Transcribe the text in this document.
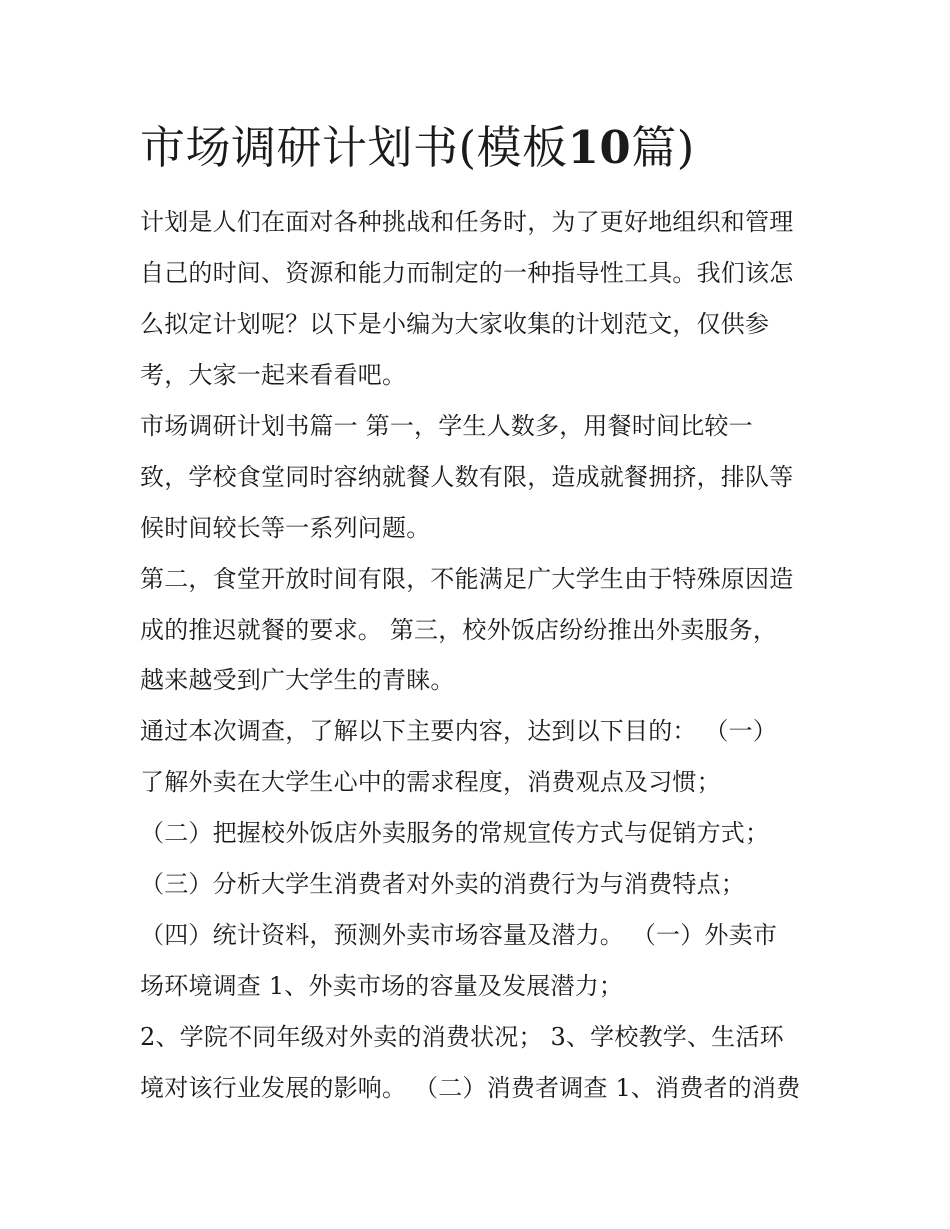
市场调研计划书(模板10篇)

计划是人们在面对各种挑战和任务时，为了更好地组织和管理

自己的时间、资源和能力而制定的一种指导性工具。我们该怎

么拟定计划呢？以下是小编为大家收集的计划范文，仅供参

考，大家一起来看看吧。

市场调研计划书篇一 第一，学生人数多，用餐时间比较一

致，学校食堂同时容纳就餐人数有限，造成就餐拥挤，排队等

候时间较长等一系列问题。

第二，食堂开放时间有限，不能满足广大学生由于特殊原因造

成的推迟就餐的要求。 第三，校外饭店纷纷推出外卖服务，

越来越受到广大学生的青睐。

通过本次调查，了解以下主要内容，达到以下目的： （一）

了解外卖在大学生心中的需求程度，消费观点及习惯；

（二）把握校外饭店外卖服务的常规宣传方式与促销方式；

（三）分析大学生消费者对外卖的消费行为与消费特点；

（四）统计资料，预测外卖市场容量及潜力。 （一）外卖市

场环境调查 1、外卖市场的容量及发展潜力；

2、学院不同年级对外卖的消费状况； 3、学校教学、生活环

境对该行业发展的影响。 （二）消费者调查 1、消费者的消费
